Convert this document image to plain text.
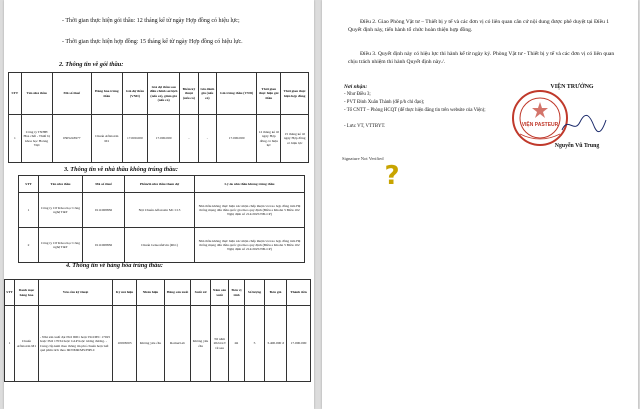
- Thời gian thực hiện gói thầu: 12 tháng kể từ ngày Hợp đồng có hiệu lực;
- Thời gian thực hiện hợp đồng: 15 tháng kể từ ngày Hợp đồng có hiệu lực.
2. Thông tin về gói thầu:
STT	Tên nhà thầu	Mã số thuế	Hàng hóa trúng thầu	Giá dự thầu (VND)	Giá dự thầu sau điều chỉnh sai lệch (nếu có), giảm giá (nếu có)	Điểm kỹ thuật (nếu có)	Giá đánh giá (nếu có)	Giá trúng thầu (VND)	Thời gian thực hiện gói thầu	Thời gian thực hiện hợp đồng
1	Công ty TNHH Hóa chất - Thiết bị khoa học Hoàng Việt	0305243977	Chuẩn Aflatoxin M1	17.000.000	17.000.000	-	-	17.000.000	12 tháng kể từ ngày Hợp đồng có hiệu lực	15 tháng kể từ ngày Hợp đồng có hiệu lực
3. Thông tin về nhà thầu không trúng thầu:
STT	Tên nhà thầu	Mã số thuế	Phần/lô nhà thầu tham dự	Lý do nhà thầu không trúng thầu
1	Công ty CP Khoa học Công nghệ T&T	0111068836	Nội Chuẩn Aflatoxin M1 C13	Nhà thầu không thực hiện xác nhận chấp thuận và trao hợp đồng trên Hệ thống mạng đấu thầu quốc gia theo quy định (Điều a Khoản 5 Điều 102 Nghị định số 214/2025/NĐ-CP)
2	Công ty CP Khoa học Công nghệ T&T	0111068836	Chuẩn Griseofulvin (Rb1)	Nhà thầu không thực hiện xác nhận chấp thuận và trao hợp đồng trên Hệ thống mạng đấu thầu quốc gia theo quy định (Điều a Khoản 5 Điều 102 Nghị định số 214/2025/NĐ-CP)
4. Thông tin về hàng hóa trúng thầu:
STT	Danh mục hàng hóa	Yêu cầu kỹ thuật	Ký mã hiệu	Nhãn hiệu	Hãng sản xuất	Xuất xứ	Năm sản xuất	Đơn vị tính	Số lượng	Đơn giá	Thành tiền
1	Chuẩn Aflatoxin M1	- Nhà sản xuất đạt ISO 9001 hoặc ISO/IEC 17025 hoặc ISO 17034 hoặc GLP hoặc tương đương. - Cung cấp kèm theo thông tin phổ chuẩn hoặc kết quả phân tích theo IR/NMR/MS/HPLC	10003003	Không yêu cầu	RomerLab	Không yêu cầu	Từ năm 2024 trở về sau	ml	5	3.400.000 đ	17.000.000
Điều 2. Giao Phòng Vật tư – Thiết bị y tế và các đơn vị có liên quan căn cứ nội dung được phê duyệt tại Điều 1 Quyết định này, tiến hành tổ chức hoàn thiện hợp đồng.
Điều 3. Quyết định này có hiệu lực thi hành kể từ ngày ký. Phòng Vật tư - Thiết bị y tế và các đơn vị có liên quan chịu trách nhiệm thi hành Quyết định này./.
Nơi nhận:
- Như Điều 3;
- PVT Đinh Xuân Thành (để p/h chỉ đạo);
- Tổ CNTT – Phòng HCQT (để thực hiện đăng tin trên website của Viện);
- Lưu: VT, VTTBYT.
VIỆN TRƯỞNG
VIỆN PASTEUR
Nguyễn Vũ Trung
Signature Not Verified
?
